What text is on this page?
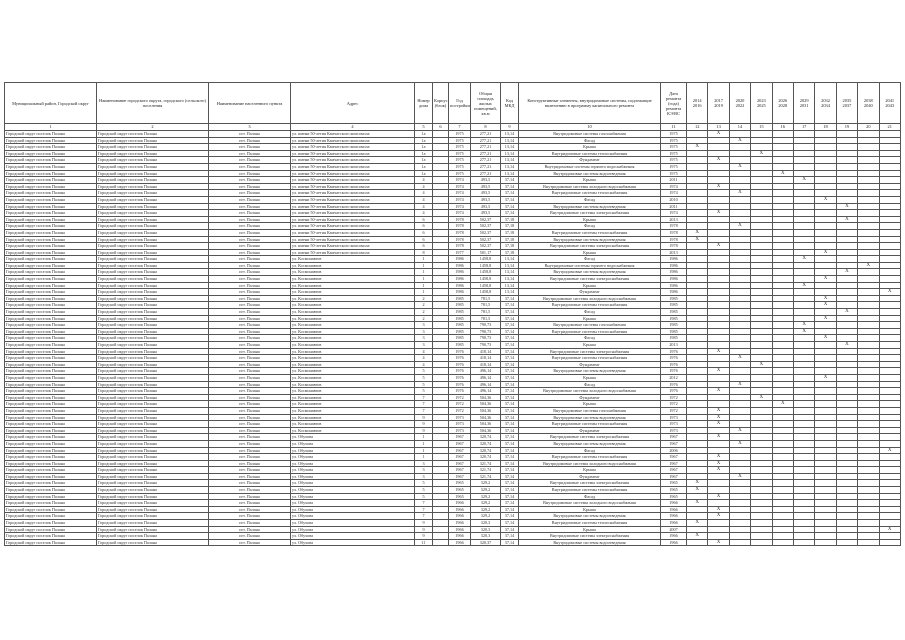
Муниципальный район, Городской округ	Наименование городского округа, городского (сельского) поселения	Наименование населенного пункта	Адрес	Номер дома	Корпус (блок)	Год постройки	Общая площадь жилых помещений, кв.м	Код МКД	Конструктивные элементы, внутридомовые системы, подлежащие включению в программу капитального ремонта	Дата ремонта (года) ремонта КЭ/ВС	2014 2016	2017 2019	2020 2022	2023 2025	2026 2028	2029 2031	2032 2034	2035 2037	2038 2040	2041 2043
1	2	3	4	5	6	7	8	9	10	11	12	13	14	15	16	17	18	19	20	21
Городской округ поселок Палана	Городской округ поселок Палана	пгт. Палана	ул. имени 50-летия Камчатского комсомола	1а		1975	277,21	13,14	Внутридомовые системы газоснабжения	1975		X								
Городской округ поселок Палана	Городской округ поселок Палана	пгт. Палана	ул. имени 50-летия Камчатского комсомола	1а		1975	277,21	13,14	Фасад	1975			X							
Городской округ поселок Палана	Городской округ поселок Палана	пгт. Палана	ул. имени 50-летия Камчатского комсомола	1а		1975	277,21	13,14	Крыша	1975	X									
Городской округ поселок Палана	Городской округ поселок Палана	пгт. Палана	ул. имени 50-летия Камчатского комсомола	1а		1975	277,21	13,14	Внутридомовые системы теплоснабжения	1975				X						
Городской округ поселок Палана	Городской округ поселок Палана	пгт. Палана	ул. имени 50-летия Камчатского комсомола	1а		1975	277,21	13,14	Фундамент	1975		X								
Городской округ поселок Палана	Городской округ поселок Палана	пгт. Палана	ул. имени 50-летия Камчатского комсомола	1а		1975	277,21	13,14	Внутридомовые системы горячего водоснабжения	1975			X							
Городской округ поселок Палана	Городской округ поселок Палана	пгт. Палана	ул. имени 50-летия Камчатского комсомола	1а		1975	277,21	13,14	Внутридомовые системы водоотведения	1975					X					
Городской округ поселок Палана	Городской округ поселок Палана	пгт. Палана	ул. имени 50-летия Камчатского комсомола	4		1974	493,5	37,14	Крыша	2011						X				
Городской округ поселок Палана	Городской округ поселок Палана	пгт. Палана	ул. имени 50-летия Камчатского комсомола	4		1974	493,5	37,14	Внутридомовые системы холодного водоснабжения	1974		X								
Городской округ поселок Палана	Городской округ поселок Палана	пгт. Палана	ул. имени 50-летия Камчатского комсомола	4		1974	493,5	37,14	Внутридомовые системы теплоснабжения	1974			X							
Городской округ поселок Палана	Городской округ поселок Палана	пгт. Палана	ул. имени 50-летия Камчатского комсомола	4		1974	493,5	37,14	Фасад	2010							X			
Городской округ поселок Палана	Городской округ поселок Палана	пгт. Палана	ул. имени 50-летия Камчатского комсомола	4		1974	493,5	37,14	Внутридомовые системы водоотведения	2011								X		
Городской округ поселок Палана	Городской округ поселок Палана	пгт. Палана	ул. имени 50-летия Камчатского комсомола	4		1974	493,5	37,14	Внутридомовые системы электроснабжения	1974		X								
Городской округ поселок Палана	Городской округ поселок Палана	пгт. Палана	ул. имени 50-летия Камчатского комсомола	6		1978	502,37	37,18	Крыша	2013								X		
Городской округ поселок Палана	Городской округ поселок Палана	пгт. Палана	ул. имени 50-летия Камчатского комсомола	6		1978	502,37	37,18	Фасад	1978			X							
Городской округ поселок Палана	Городской округ поселок Палана	пгт. Палана	ул. имени 50-летия Камчатского комсомола	6		1978	502,37	37,18	Внутридомовые системы теплоснабжения	1978	X									
Городской округ поселок Палана	Городской округ поселок Палана	пгт. Палана	ул. имени 50-летия Камчатского комсомола	6		1978	502,37	37,18	Внутридомовые системы водоотведения	1978	X									
Городской округ поселок Палана	Городской округ поселок Палана	пгт. Палана	ул. имени 50-летия Камчатского комсомола	6		1978	502,37	37,18	Внутридомовые системы электроснабжения	1978		X								
Городской округ поселок Палана	Городской округ поселок Палана	пгт. Палана	ул. имени 50-летия Камчатского комсомола	8		1977	501,17	37,18	Крыша	2013							X			
Городской округ поселок Палана	Городской округ поселок Палана	пгт. Палана	ул. Космонавтов	1		1986	1458,8	13,14	Фасад	1986						X				
Городской округ поселок Палана	Городской округ поселок Палана	пгт. Палана	ул. Космонавтов	1		1986	1458,8	13,14	Внутридомовые системы горячего водоснабжения	1986									X	
Городской округ поселок Палана	Городской округ поселок Палана	пгт. Палана	ул. Космонавтов	1		1986	1458,8	13,14	Внутридомовые системы водоотведения	1986								X		
Городской округ поселок Палана	Городской округ поселок Палана	пгт. Палана	ул. Космонавтов	1		1986	1458,8	13,14	Внутридомовые системы электроснабжения	1986							X			
Городской округ поселок Палана	Городской округ поселок Палана	пгт. Палана	ул. Космонавтов	1		1986	1458,8	13,14	Крыша	1986						X				
Городской округ поселок Палана	Городской округ поселок Палана	пгт. Палана	ул. Космонавтов	1		1986	1458,8	13,14	Фундамент	1986										X
Городской округ поселок Палана	Городской округ поселок Палана	пгт. Палана	ул. Космонавтов	2		1985	781,5	37,14	Внутридомовые системы холодного водоснабжения	1985							X			
Городской округ поселок Палана	Городской округ поселок Палана	пгт. Палана	ул. Космонавтов	2		1985	781,5	37,14	Внутридомовые системы теплоснабжения	1985							X			
Городской округ поселок Палана	Городской округ поселок Палана	пгт. Палана	ул. Космонавтов	2		1985	781,5	37,14	Фасад	1985								X		
Городской округ поселок Палана	Городской округ поселок Палана	пгт. Палана	ул. Космонавтов	2		1985	781,5	37,14	Крыша	1985							X			
Городской округ поселок Палана	Городской округ поселок Палана	пгт. Палана	ул. Космонавтов	3		1985	790,73	37,14	Внутридомовые системы газоснабжения	1985						X				
Городской округ поселок Палана	Городской округ поселок Палана	пгт. Палана	ул. Космонавтов	3		1985	790,73	37,14	Внутридомовые системы теплоснабжения	1985						X				
Городской округ поселок Палана	Городской округ поселок Палана	пгт. Палана	ул. Космонавтов	3		1985	790,73	37,14	Фасад	1985							X			
Городской округ поселок Палана	Городской округ поселок Палана	пгт. Палана	ул. Космонавтов	3		1985	790,73	37,14	Крыша	2013								X		
Городской округ поселок Палана	Городской округ поселок Палана	пгт. Палана	ул. Космонавтов	4		1976	418,14	37,14	Внутридомовые системы электроснабжения	1976		X								
Городской округ поселок Палана	Городской округ поселок Палана	пгт. Палана	ул. Космонавтов	4		1976	418,14	37,14	Внутридомовые системы теплоснабжения	1976			X							
Городской округ поселок Палана	Городской округ поселок Палана	пгт. Палана	ул. Космонавтов	4		1976	418,14	37,14	Фундамент	1976				X						
Городской округ поселок Палана	Городской округ поселок Палана	пгт. Палана	ул. Космонавтов	5		1976	496,14	37,14	Внутридомовые системы водоотведения	1976		X								
Городской округ поселок Палана	Городской округ поселок Палана	пгт. Палана	ул. Космонавтов	5		1976	496,14	37,14	Крыша	2012							X			
Городской округ поселок Палана	Городской округ поселок Палана	пгт. Палана	ул. Космонавтов	5		1976	496,14	37,14	Фасад	1976			X							
Городской округ поселок Палана	Городской округ поселок Палана	пгт. Палана	ул. Космонавтов	5		1976	496,14	37,14	Внутридомовые системы холодного водоснабжения	1976		X								
Городской округ поселок Палана	Городской округ поселок Палана	пгт. Палана	ул. Космонавтов	7		1972	504,36	37,14	Фундамент	1972				X						
Городской округ поселок Палана	Городской округ поселок Палана	пгт. Палана	ул. Космонавтов	7		1972	504,36	37,14	Крыша	1972					X					
Городской округ поселок Палана	Городской округ поселок Палана	пгт. Палана	ул. Космонавтов	7		1972	504,36	37,14	Внутридомовые системы газоснабжения	1972		X								
Городской округ поселок Палана	Городской округ поселок Палана	пгт. Палана	ул. Космонавтов	9		1973	504,36	37,14	Внутридомовые системы водоотведения	1973		X								
Городской округ поселок Палана	Городской округ поселок Палана	пгт. Палана	ул. Космонавтов	9		1973	504,36	37,14	Внутридомовые системы теплоснабжения	1973		X								
Городской округ поселок Палана	Городской округ поселок Палана	пгт. Палана	ул. Космонавтов	9		1973	504,36	37,14	Фундамент	1973			X							
Городской округ поселок Палана	Городской округ поселок Палана	пгт. Палана	ул. Обухова	1		1967	320,74	37,14	Внутридомовые системы электроснабжения	1967		X								
Городской округ поселок Палана	Городской округ поселок Палана	пгт. Палана	ул. Обухова	1		1967	320,74	37,14	Внутридомовые системы водоотведения	1967			X							
Городской округ поселок Палана	Городской округ поселок Палана	пгт. Палана	ул. Обухова	1		1967	320,74	37,14	Фасад	2006										X
Городской округ поселок Палана	Городской округ поселок Палана	пгт. Палана	ул. Обухова	1		1967	320,74	37,14	Внутридомовые системы теплоснабжения	1967		X								
Городской округ поселок Палана	Городской округ поселок Палана	пгт. Палана	ул. Обухова	3		1967	321,74	37,14	Внутридомовые системы холодного водоснабжения	1967		X								
Городской округ поселок Палана	Городской округ поселок Палана	пгт. Палана	ул. Обухова	3		1967	321,74	37,14	Крыша	1967		X								
Городской округ поселок Палана	Городской округ поселок Палана	пгт. Палана	ул. Обухова	3		1967	321,74	37,14	Фундамент	1967			X							
Городской округ поселок Палана	Городской округ поселок Палана	пгт. Палана	ул. Обухова	5		1965	329,2	37,14	Внутридомовые системы электроснабжения	1965	X									
Городской округ поселок Палана	Городской округ поселок Палана	пгт. Палана	ул. Обухова	5		1965	329,2	37,14	Внутридомовые системы теплоснабжения	1965	X									
Городской округ поселок Палана	Городской округ поселок Палана	пгт. Палана	ул. Обухова	5		1965	329,2	37,14	Фасад	1965		X								
Городской округ поселок Палана	Городской округ поселок Палана	пгт. Палана	ул. Обухова	7		1966	329,2	37,14	Внутридомовые системы холодного водоснабжения	1966	X									
Городской округ поселок Палана	Городской округ поселок Палана	пгт. Палана	ул. Обухова	7		1966	329,2	37,14	Крыша	1966		X								
Городской округ поселок Палана	Городской округ поселок Палана	пгт. Палана	ул. Обухова	7		1966	329,2	37,14	Внутридомовые системы водоотведения	1966		X								
Городской округ поселок Палана	Городской округ поселок Палана	пгт. Палана	ул. Обухова	9		1966	320,3	37,14	Внутридомовые системы теплоснабжения	1966	X									
Городской округ поселок Палана	Городской округ поселок Палана	пгт. Палана	ул. Обухова	9		1966	320,3	37,14	Крыша	2007										X
Городской округ поселок Палана	Городской округ поселок Палана	пгт. Палана	ул. Обухова	9		1966	320,3	37,14	Внутридомовые системы электроснабжения	1966	X									
Городской округ поселок Палана	Городской округ поселок Палана	пгт. Палана	ул. Обухова	11		1966	320,37	37,14	Внутридомовые системы водоотведения	1966		X								
